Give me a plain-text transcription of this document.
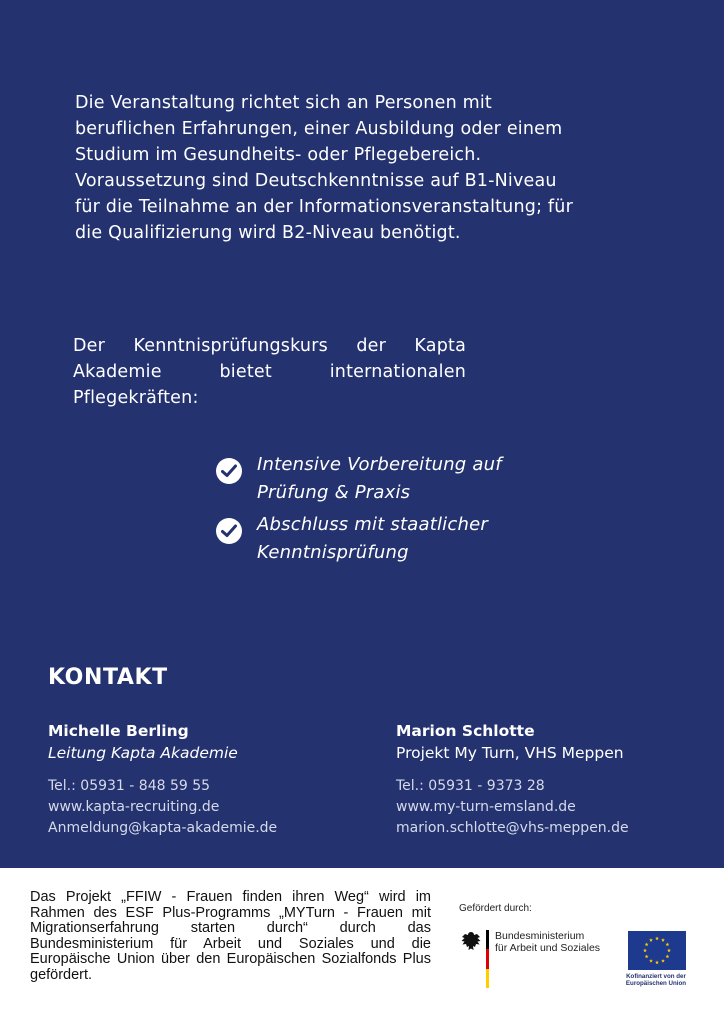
Die Veranstaltung richtet sich an Personen mit
beruflichen Erfahrungen, einer Ausbildung oder einem
Studium im Gesundheits- oder Pflegebereich.
Voraussetzung sind Deutschkenntnisse auf B1-Niveau
für die Teilnahme an der Informationsveranstaltung; für
die Qualifizierung wird B2-Niveau benötigt.
Der Kenntnisprüfungskurs der Kapta Akademie bietet internationalen Pflegekräften:
Intensive Vorbereitung auf
Prüfung & Praxis
Abschluss mit staatlicher
Kenntnisprüfung
KONTAKT
Michelle Berling
Leitung Kapta Akademie
Tel.: 05931 - 848 59 55
www.kapta-recruiting.de
Anmeldung@kapta-akademie.de
Marion Schlotte
Projekt My Turn, VHS Meppen
Tel.: 05931 - 9373 28
www.my-turn-emsland.de
marion.schlotte@vhs-meppen.de
Das Projekt „FFIW - Frauen finden ihren Weg“ wird im Rahmen des ESF Plus-Programms „MYTurn - Frauen mit Migrationserfahrung starten durch“ durch das Bundesministerium für Arbeit und Soziales und die Europäische Union über den Europäischen Sozialfonds Plus gefördert.
Gefördert durch:
Bundesministerium
für Arbeit und Soziales
Kofinanziert von der
Europäischen Union
